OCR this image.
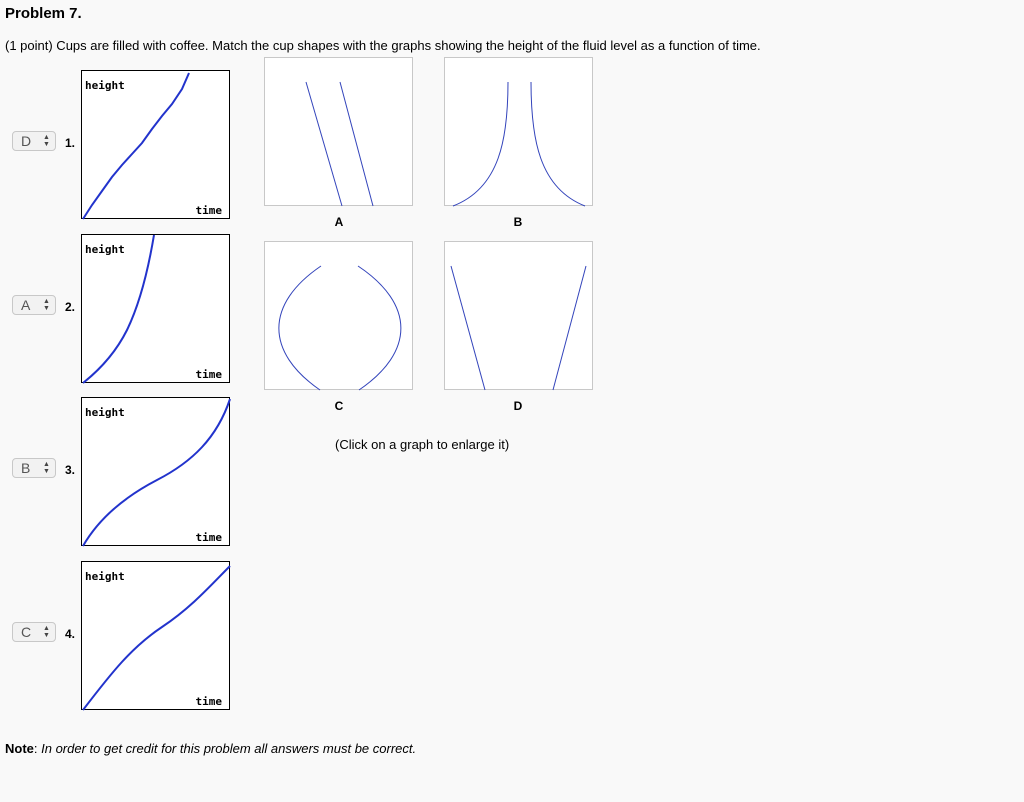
Problem 7.
(1 point) Cups are filled with coffee. Match the cup shapes with the graphs showing the height of the fluid level as a function of time.
D ▲
▼ 1.
height
time
A ▲
▼ 2.
height
time
B ▲
▼ 3.
height
time
C ▲
▼ 4.
height
time
A	B
C	D
(Click on a graph to enlarge it)
Note: In order to get credit for this problem all answers must be correct.
